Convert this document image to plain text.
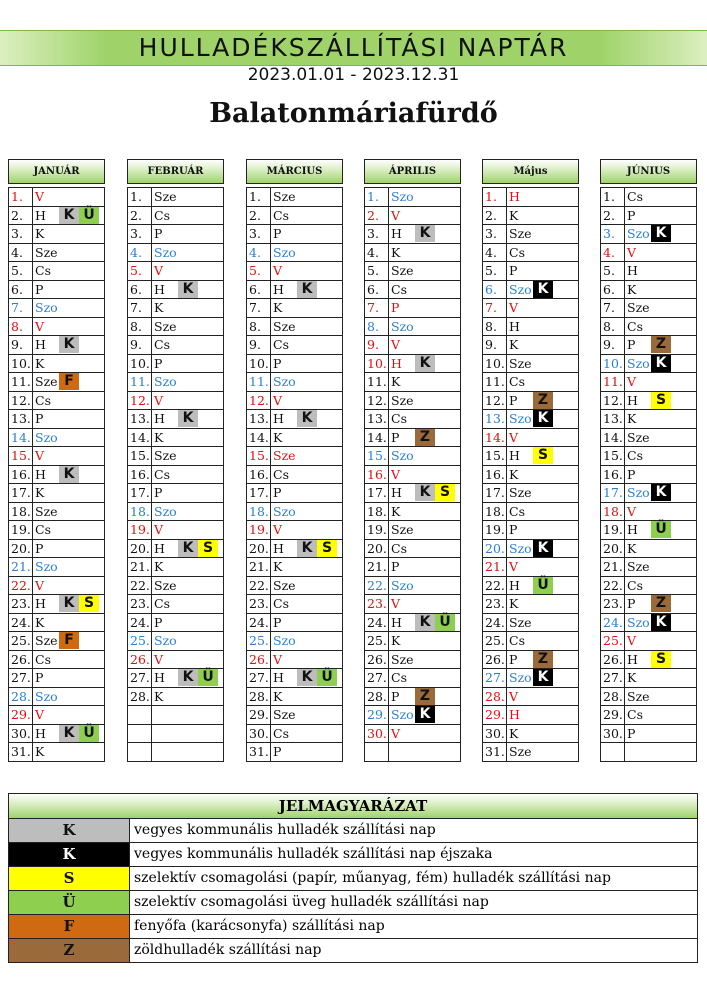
HULLADÉKSZÁLLÍTÁSI NAPTÁR
2023.01.01 - 2023.12.31
Balatonmáriafürdő
JANUÁR
1. V
2. H	K Ü
3. K
4. Sze
5. Cs
6. P
7. Szo
8. V
9. H	K
10. K
11. Sze F
12. Cs
13. P
14. Szo
15. V
16. H	K
17. K
18. Sze
19. Cs
20. P
21. Szo
22. V
23. H	K S
24. K
25. Sze F
26. Cs
27. P
28. Szo
29. V
30. H	K Ü
31. K
FEBRUÁR
1. Sze
2. Cs
3. P
4. Szo
5. V
6. H	K
7. K
8. Sze
9. Cs
10. P
11. Szo
12. V
13. H	K
14. K
15. Sze
16. Cs
17. P
18. Szo
19. V
20. H	K S
21. K
22. Sze
23. Cs
24. P
25. Szo
26. V
27. H	K Ü
28. K
MÁRCIUS
1. Sze
2. Cs
3. P
4. Szo
5. V
6. H	K
7. K
8. Sze
9. Cs
10. P
11. Szo
12. V
13. H	K
14. K
15. Sze
16. Cs
17. P
18. Szo
19. V
20. H	K S
21. K
22. Sze
23. Cs
24. P
25. Szo
26. V
27. H	K Ü
28. K
29. Sze
30. Cs
31. P
ÁPRILIS
1. Szo
2. V
3. H	K
4. K
5. Sze
6. Cs
7. P
8. Szo
9. V
10. H	K
11. K
12. Sze
13. Cs
14. P	Z
15. Szo
16. V
17. H	K S
18. K
19. Sze
20. Cs
21. P
22. Szo
23. V
24. H	K Ü
25. K
26. Sze
27. Cs
28. P	Z
29. Szo K
30. V
Május
1. H
2. K
3. Sze
4. Cs
5. P
6. Szo K
7. V
8. H
9. K
10. Sze
11. Cs
12. P	Z
13. Szo K
14. V
15. H	S
16. K
17. Sze
18. Cs
19. P
20. Szo K
21. V
22. H	Ü
23. K
24. Sze
25. Cs
26. P	Z
27. Szo K
28. V
29. H
30. K
31. Sze
JÚNIUS
1. Cs
2. P
3. Szo K
4. V
5. H
6. K
7. Sze
8. Cs
9. P	Z
10. Szo K
11. V
12. H	S
13. K
14. Sze
15. Cs
16. P
17. Szo K
18. V
19. H	Ü
20. K
21. Sze
22. Cs
23. P	Z
24. Szo K
25. V
26. H	S
27. K
28. Sze
29. Cs
30. P
JELMAGYARÁZAT
K	vegyes kommunális hulladék szállítási nap
K	vegyes kommunális hulladék szállítási nap éjszaka
S	szelektív csomagolási (papír, műanyag, fém) hulladék szállítási nap
Ü	szelektív csomagolási üveg hulladék szállítási nap
F	fenyőfa (karácsonyfa) szállítási nap
Z	zöldhulladék szállítási nap
